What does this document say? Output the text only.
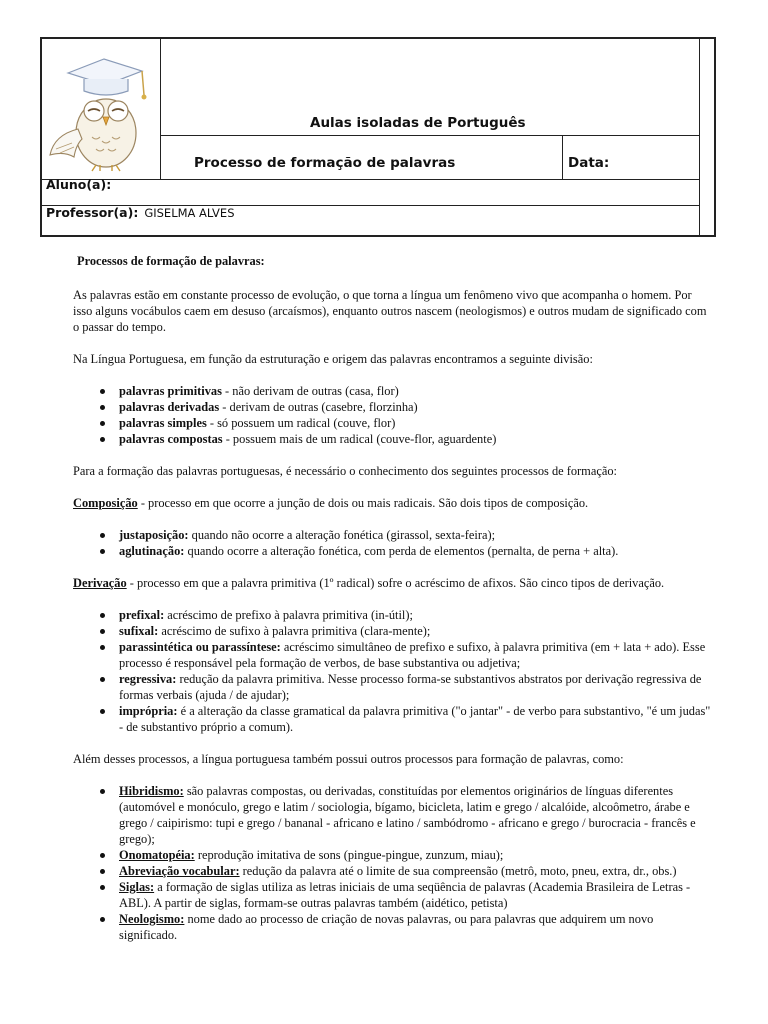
Aulas isoladas de Português
Processo de formação de palavras	Data:
Aluno(a):
Professor(a): GISELMA ALVES

Processos de formação de palavras:

As palavras estão em constante processo de evolução, o que torna a língua um fenômeno vivo que acompanha o homem. Por isso alguns vocábulos caem em desuso (arcaísmos), enquanto outros nascem (neologismos) e outros mudam de significado com o passar do tempo.

Na Língua Portuguesa, em função da estruturação e origem das palavras encontramos a seguinte divisão:

palavras primitivas - não derivam de outras (casa, flor)
palavras derivadas - derivam de outras (casebre, florzinha)
palavras simples - só possuem um radical (couve, flor)
palavras compostas - possuem mais de um radical (couve-flor, aguardente)

Para a formação das palavras portuguesas, é necessário o conhecimento dos seguintes processos de formação:

Composição - processo em que ocorre a junção de dois ou mais radicais. São dois tipos de composição.

justaposição: quando não ocorre a alteração fonética (girassol, sexta-feira);
aglutinação: quando ocorre a alteração fonética, com perda de elementos (pernalta, de perna + alta).

Derivação - processo em que a palavra primitiva (1º radical) sofre o acréscimo de afixos. São cinco tipos de derivação.

prefixal: acréscimo de prefixo à palavra primitiva (in-útil);
sufixal: acréscimo de sufixo à palavra primitiva (clara-mente);
parassintética ou parassíntese: acréscimo simultâneo de prefixo e sufixo, à palavra primitiva (em + lata + ado). Esse processo é responsável pela formação de verbos, de base substantiva ou adjetiva;
regressiva: redução da palavra primitiva. Nesse processo forma-se substantivos abstratos por derivação regressiva de formas verbais (ajuda / de ajudar);
imprópria: é a alteração da classe gramatical da palavra primitiva ("o jantar" - de verbo para substantivo, "é um judas" - de substantivo próprio a comum).

Além desses processos, a língua portuguesa também possui outros processos para formação de palavras, como:

Hibridismo: são palavras compostas, ou derivadas, constituídas por elementos originários de línguas diferentes (automóvel e monóculo, grego e latim / sociologia, bígamo, bicicleta, latim e grego / alcalóide, alcoômetro, árabe e grego / caipirismo: tupi e grego / bananal - africano e latino / sambódromo - africano e grego / burocracia - francês e grego);
Onomatopéia: reprodução imitativa de sons (pingue-pingue, zunzum, miau);
Abreviação vocabular: redução da palavra até o limite de sua compreensão (metrô, moto, pneu, extra, dr., obs.)
Siglas: a formação de siglas utiliza as letras iniciais de uma seqüência de palavras (Academia Brasileira de Letras - ABL). A partir de siglas, formam-se outras palavras também (aidético, petista)
Neologismo: nome dado ao processo de criação de novas palavras, ou para palavras que adquirem um novo significado.
